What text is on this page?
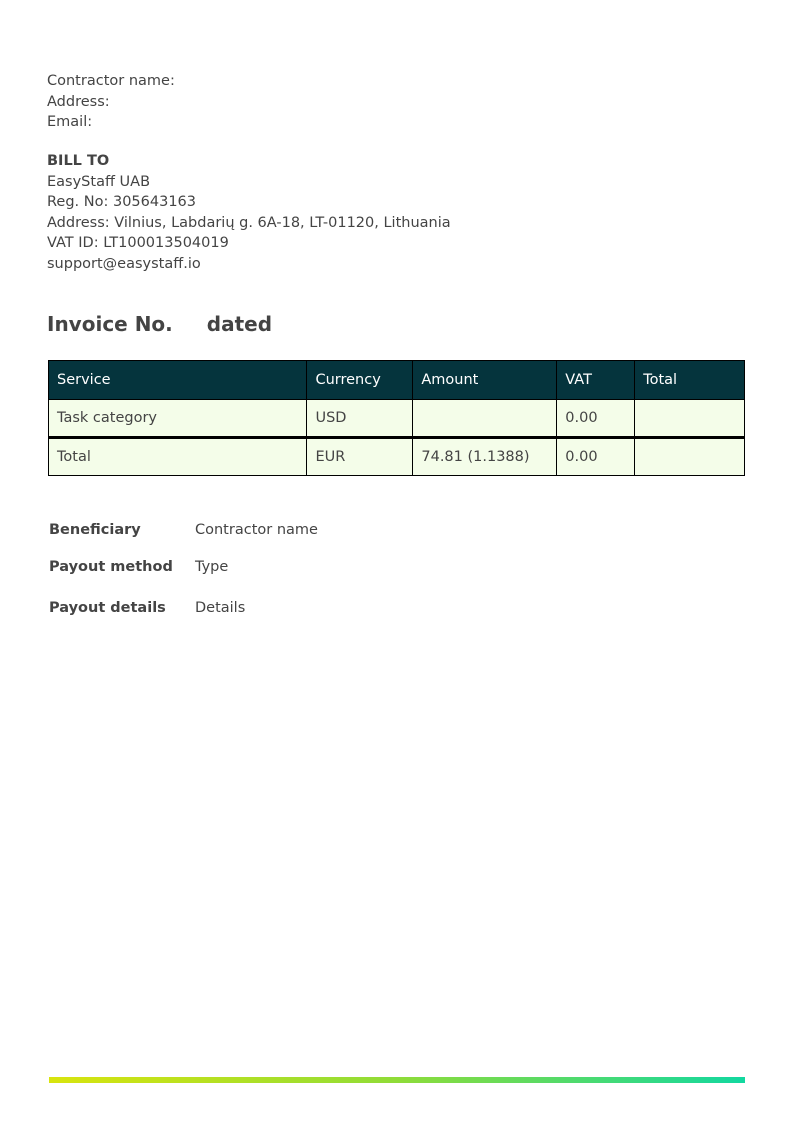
Contractor name:
Address:
Email:
BILL TO
EasyStaff UAB
Reg. No: 305643163
Address: Vilnius, Labdarių g. 6A-18, LT-01120, Lithuania
VAT ID: LT100013504019
support@easystaff.io
Invoice No. dated
Service	Currency	Amount	VAT	Total
Task category	USD		0.00	
Total	EUR	74.81 (1.1388)	0.00	
Beneficiary	Contractor name
Payout method	Type
Payout details	Details
